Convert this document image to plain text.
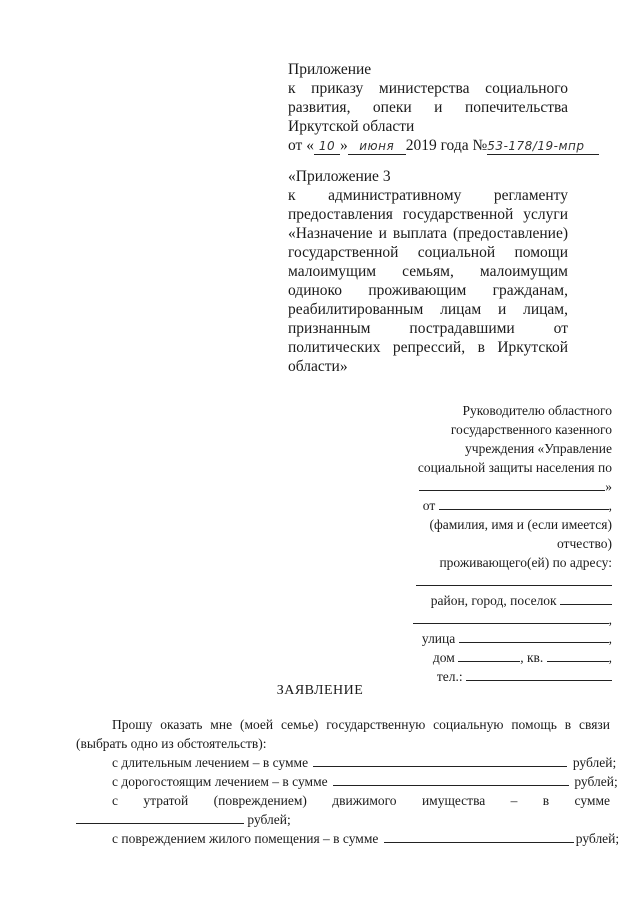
Приложение
к приказу министерства социального
развития, опеки и попечительства
Иркутской области
от « 10 » июня 2019 года №53-178/19-мпр
«Приложение 3
к административному регламенту
предоставления государственной услуги
«Назначение и выплата (предоставление)
государственной социальной помощи
малоимущим семьям, малоимущим
одиноко проживающим гражданам,
реабилитированным лицам и лицам,
признанным пострадавшими от
политических репрессий, в Иркутской
области»
Руководителю областного
государственного казенного
учреждения «Управление
социальной защиты населения по
»
от	,
(фамилия, имя и (если имеется)
отчество)
проживающего(ей) по адресу:
район, город, поселок
,
улица	,
дом	, кв.	,
тел.:
ЗАЯВЛЕНИЕ
Прошу оказать мне (моей семье) государственную социальную помощь в связи (выбрать одно из обстоятельств):
с длительным лечением – в сумме	рублей;
с дорогостоящим лечением – в сумме	рублей;
с утратой (повреждением) движимого имущества – в сумме
рублей;
с повреждением жилого помещения – в сумме	рублей;
